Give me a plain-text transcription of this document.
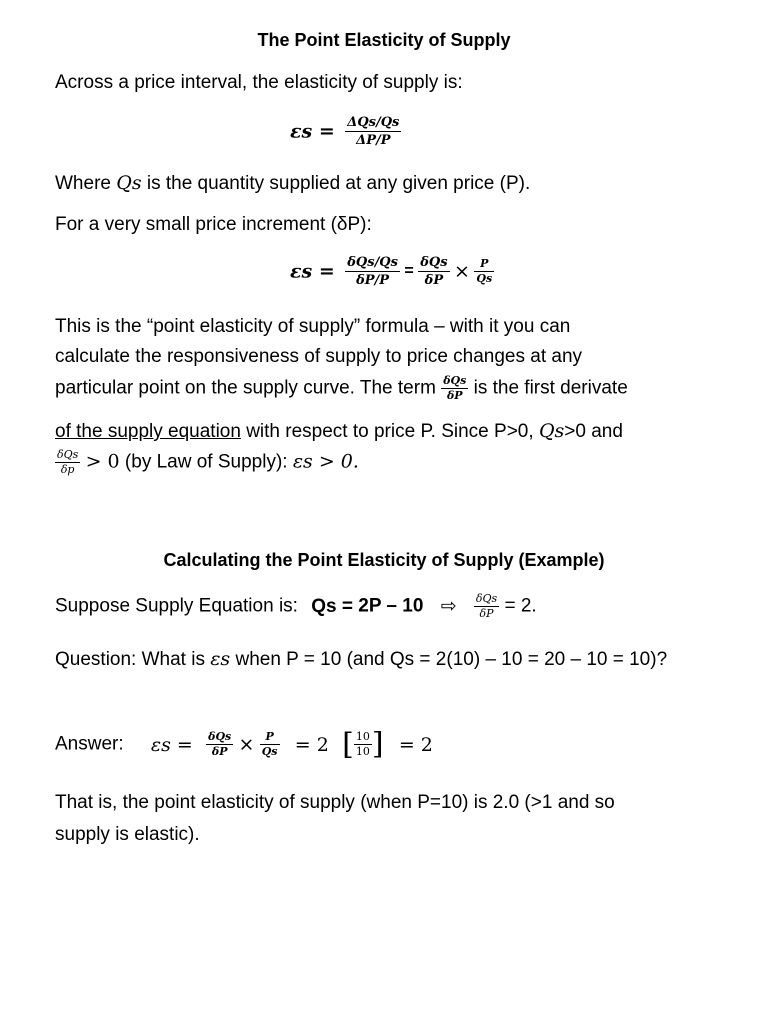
The Point Elasticity of Supply
Across a price interval, the elasticity of supply is:
$\varepsilon s = \frac{\text{ΔQs/Qs}}{\Delta P/P}$
Where Qs is the quantity supplied at any given price (P).
For a very small price increment (δP):
$\varepsilon s = \frac{\text{δQs/Qs}}{\delta P/P} = \frac{\text{δQs}}{\delta P} \times \frac{P}{Qs}$
This is the “point elasticity of supply” formula – with it you can
calculate the responsiveness of supply to price changes at any
particular point on the supply curve. The term $\frac{\text{δQs}}{\delta P}$ is the first derivate
of the supply equation with respect to price P. Since P>0, Qs>0 and
$\frac{\text{δQs}}{\delta p} > 0$ (by Law of Supply): εs > 0.
Calculating the Point Elasticity of Supply (Example)
Suppose Supply Equation is: Qs = 2P – 10 ⇨ $\frac{\text{δQs}}{\delta P} = 2$.
Question: What is εs when P = 10 (and Qs = 2(10) – 10 = 20 – 10 = 10)?
Answer: $\varepsilon s = \frac{\text{δQs}}{\delta P} \times \frac{P}{Qs} = 2$ [ $\frac{10}{10}$ ] = 2
That is, the point elasticity of supply (when P=10) is 2.0 (>1 and so
supply is elastic).
